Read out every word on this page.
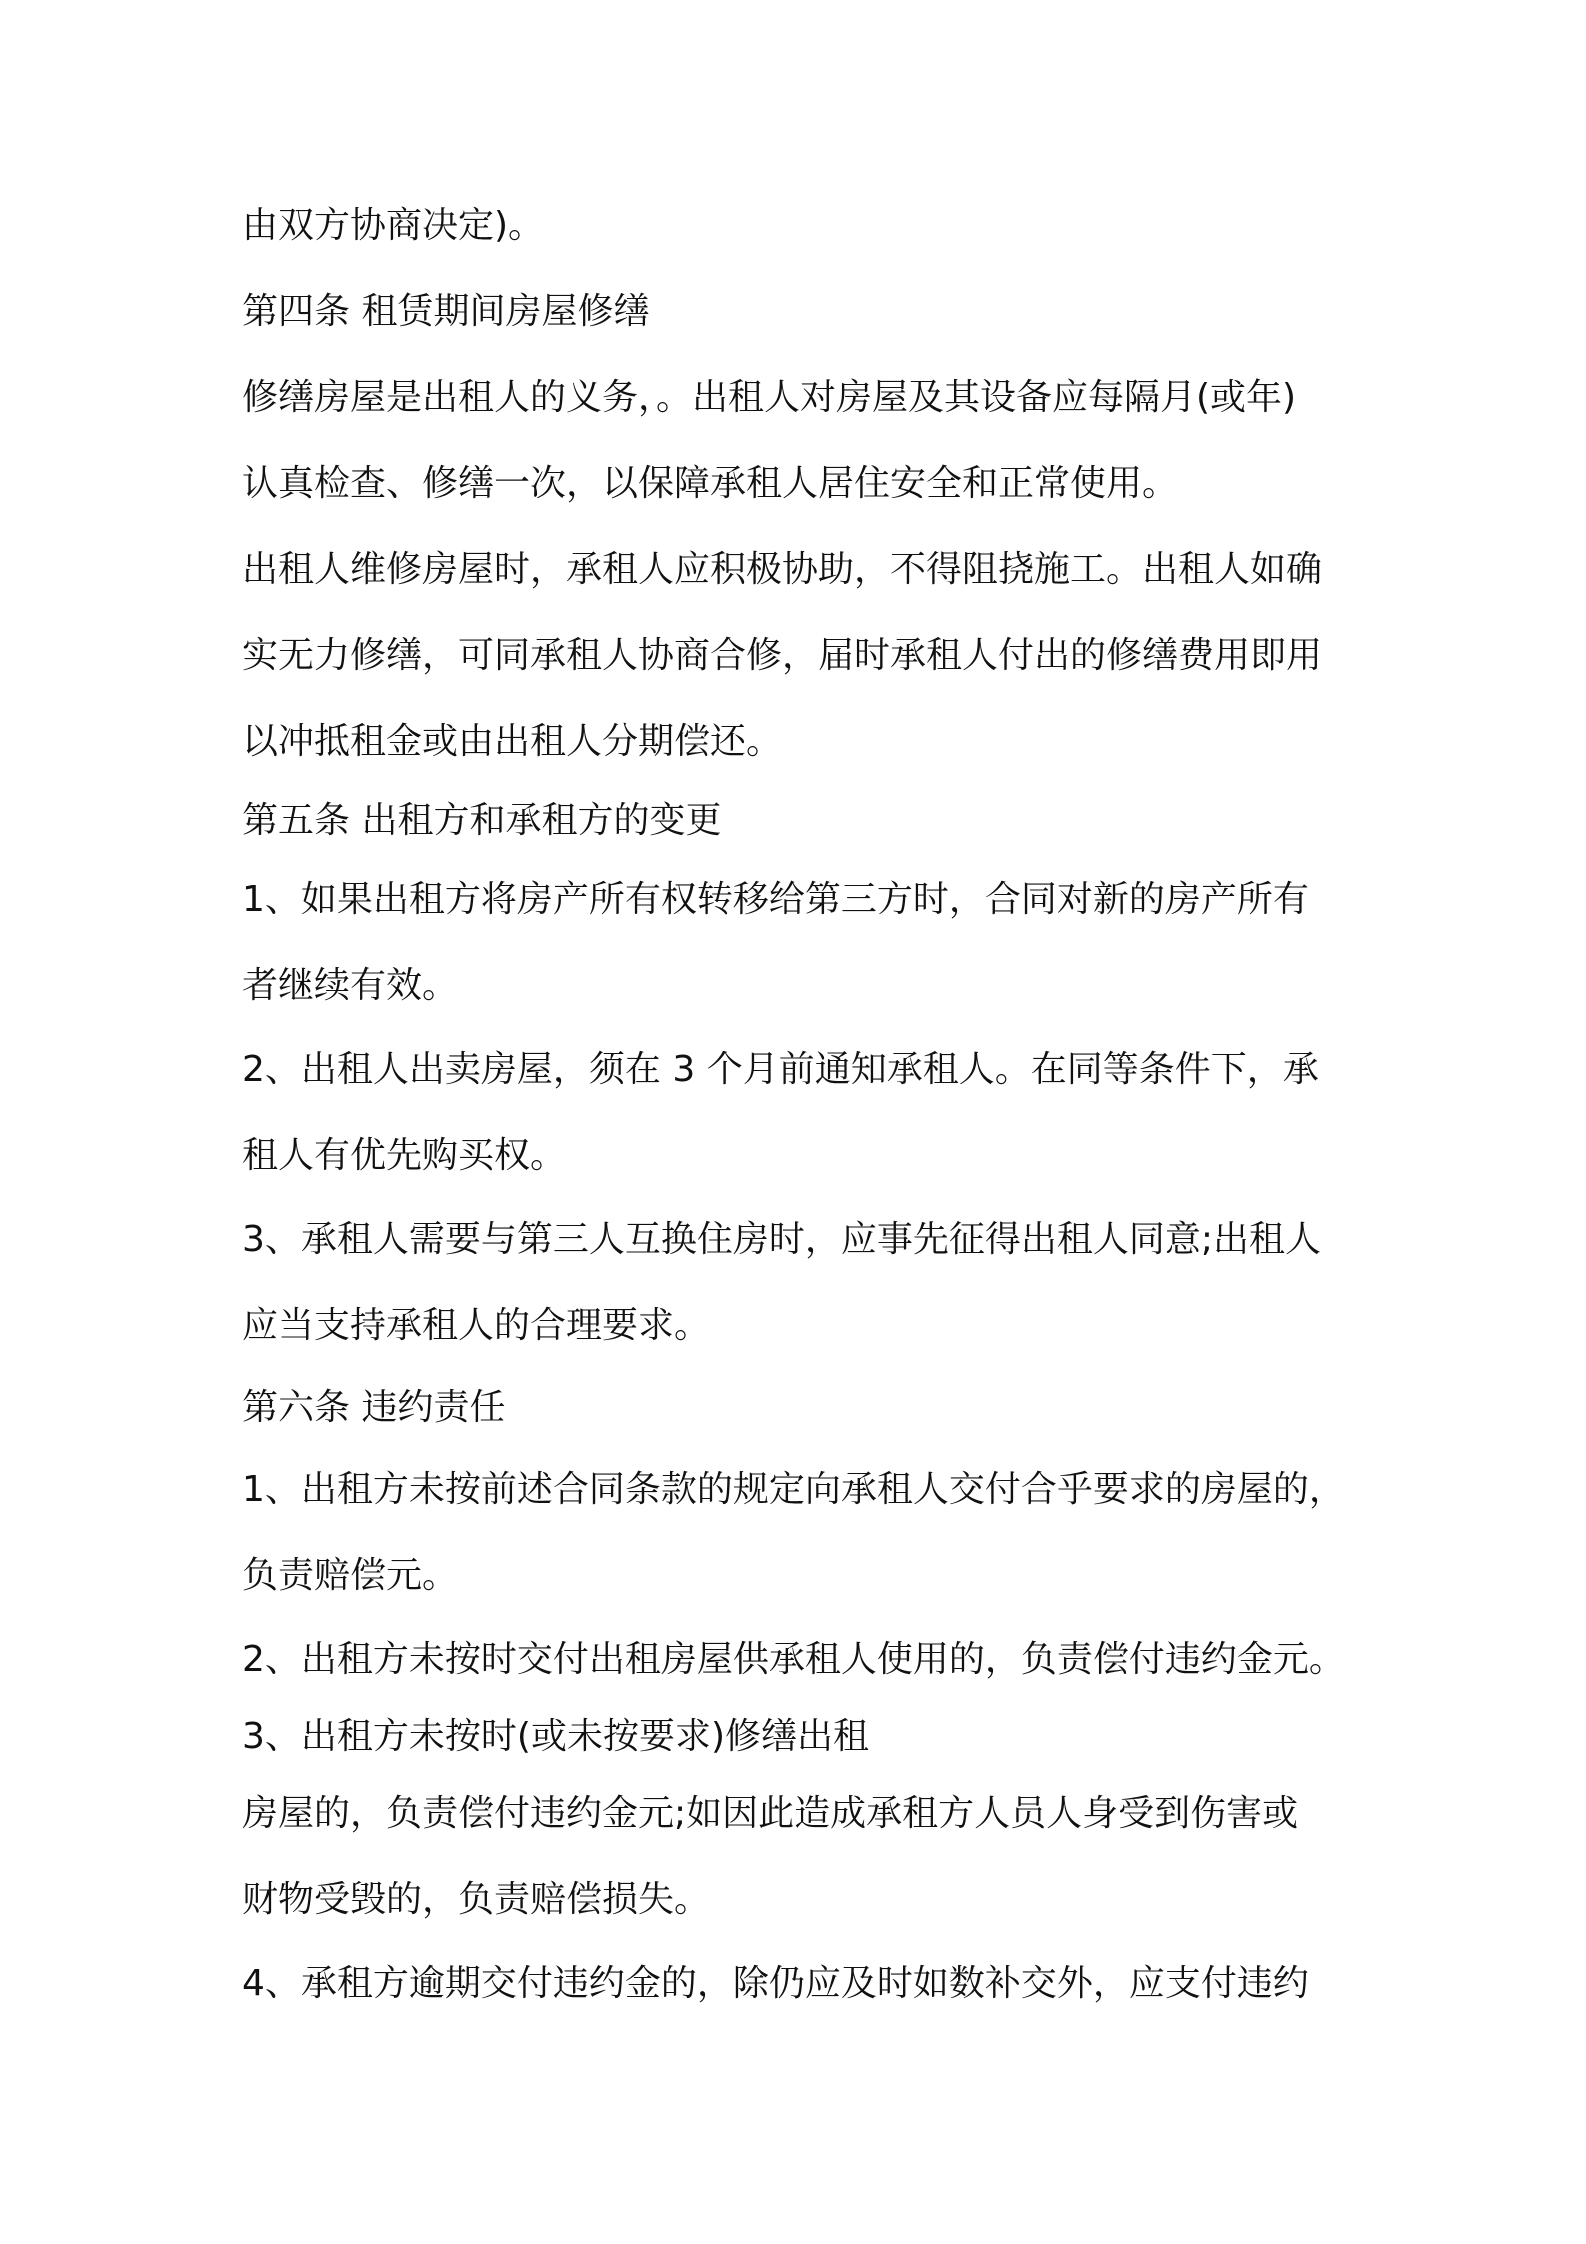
由双方协商决定)。
第四条 租赁期间房屋修缮
修缮房屋是出租人的义务，。出租人对房屋及其设备应每隔月(或年)
认真检查、修缮一次，以保障承租人居住安全和正常使用。
出租人维修房屋时，承租人应积极协助，不得阻挠施工。出租人如确
实无力修缮，可同承租人协商合修，届时承租人付出的修缮费用即用
以冲抵租金或由出租人分期偿还。
第五条 出租方和承租方的变更
1、如果出租方将房产所有权转移给第三方时，合同对新的房产所有
者继续有效。
2、出租人出卖房屋，须在 3 个月前通知承租人。在同等条件下，承
租人有优先购买权。
3、承租人需要与第三人互换住房时，应事先征得出租人同意;出租人
应当支持承租人的合理要求。
第六条 违约责任
1、出租方未按前述合同条款的规定向承租人交付合乎要求的房屋的，
负责赔偿元。
2、出租方未按时交付出租房屋供承租人使用的，负责偿付违约金元。
3、出租方未按时(或未按要求)修缮出租
房屋的，负责偿付违约金元;如因此造成承租方人员人身受到伤害或
财物受毁的，负责赔偿损失。
4、承租方逾期交付违约金的，除仍应及时如数补交外，应支付违约
